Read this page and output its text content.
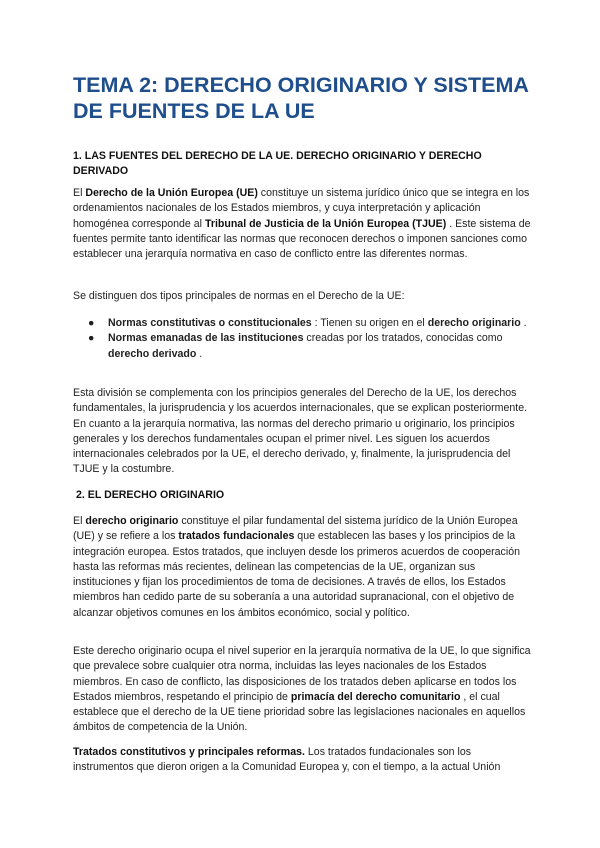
TEMA 2: DERECHO ORIGINARIO Y SISTEMA DE FUENTES DE LA UE
1. LAS FUENTES DEL DERECHO DE LA UE. DERECHO ORIGINARIO Y DERECHO DERIVADO
El Derecho de la Unión Europea (UE) constituye un sistema jurídico único que se integra en los ordenamientos nacionales de los Estados miembros, y cuya interpretación y aplicación homogénea corresponde al Tribunal de Justicia de la Unión Europea (TJUE) . Este sistema de fuentes permite tanto identificar las normas que reconocen derechos o imponen sanciones como establecer una jerarquía normativa en caso de conflicto entre las diferentes normas.
Se distinguen dos tipos principales de normas en el Derecho de la UE:
● Normas constitutivas o constitucionales : Tienen su origen en el derecho originario .
● Normas emanadas de las instituciones creadas por los tratados, conocidas como derecho derivado .
Esta división se complementa con los principios generales del Derecho de la UE, los derechos fundamentales, la jurisprudencia y los acuerdos internacionales, que se explican posteriormente. En cuanto a la jerarquía normativa, las normas del derecho primario u originario, los principios generales y los derechos fundamentales ocupan el primer nivel. Les siguen los acuerdos internacionales celebrados por la UE, el derecho derivado, y, finalmente, la jurisprudencia del TJUE y la costumbre.
2. EL DERECHO ORIGINARIO
El derecho originario constituye el pilar fundamental del sistema jurídico de la Unión Europea (UE) y se refiere a los tratados fundacionales que establecen las bases y los principios de la integración europea. Estos tratados, que incluyen desde los primeros acuerdos de cooperación hasta las reformas más recientes, delinean las competencias de la UE, organizan sus instituciones y fijan los procedimientos de toma de decisiones. A través de ellos, los Estados miembros han cedido parte de su soberanía a una autoridad supranacional, con el objetivo de alcanzar objetivos comunes en los ámbitos económico, social y político.
Este derecho originario ocupa el nivel superior en la jerarquía normativa de la UE, lo que significa que prevalece sobre cualquier otra norma, incluidas las leyes nacionales de los Estados miembros. En caso de conflicto, las disposiciones de los tratados deben aplicarse en todos los Estados miembros, respetando el principio de primacía del derecho comunitario , el cual establece que el derecho de la UE tiene prioridad sobre las legislaciones nacionales en aquellos ámbitos de competencia de la Unión.
Tratados constitutivos y principales reformas. Los tratados fundacionales son los instrumentos que dieron origen a la Comunidad Europea y, con el tiempo, a la actual Unión
